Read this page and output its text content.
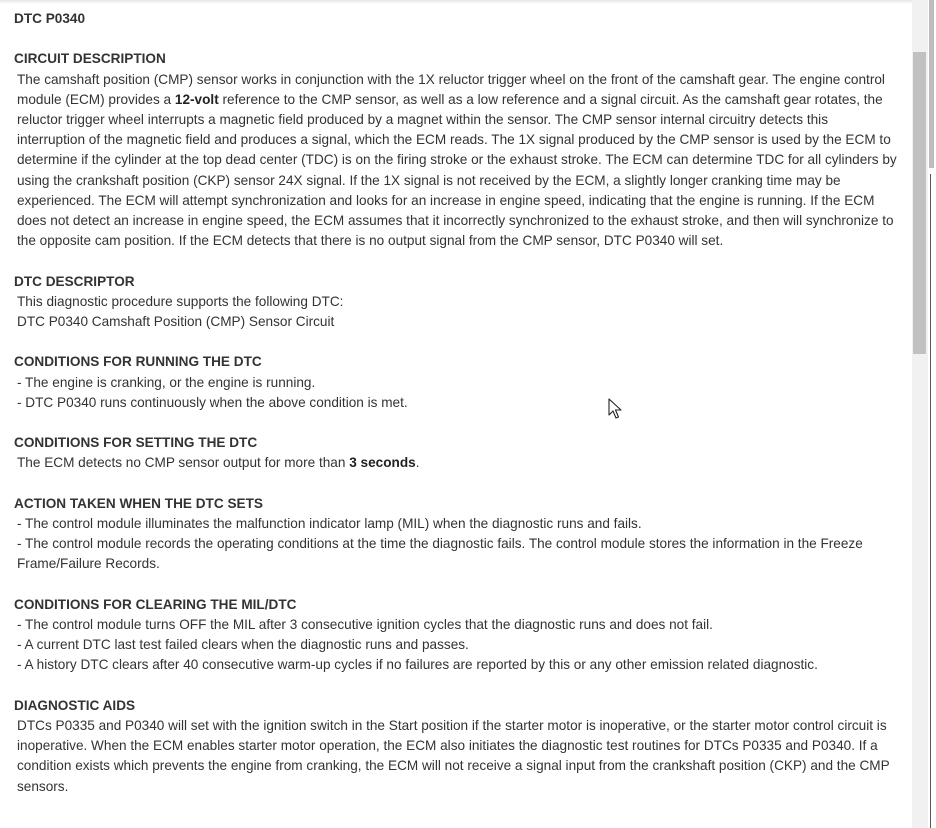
DTC P0340

CIRCUIT DESCRIPTION

The camshaft position (CMP) sensor works in conjunction with the 1X reluctor trigger wheel on the front of the camshaft gear. The engine control module (ECM) provides a 12-volt reference to the CMP sensor, as well as a low reference and a signal circuit. As the camshaft gear rotates, the reluctor trigger wheel interrupts a magnetic field produced by a magnet within the sensor. The CMP sensor internal circuitry detects this interruption of the magnetic field and produces a signal, which the ECM reads. The 1X signal produced by the CMP sensor is used by the ECM to determine if the cylinder at the top dead center (TDC) is on the firing stroke or the exhaust stroke. The ECM can determine TDC for all cylinders by using the crankshaft position (CKP) sensor 24X signal. If the 1X signal is not received by the ECM, a slightly longer cranking time may be experienced. The ECM will attempt synchronization and looks for an increase in engine speed, indicating that the engine is running. If the ECM does not detect an increase in engine speed, the ECM assumes that it incorrectly synchronized to the exhaust stroke, and then will synchronize to the opposite cam position. If the ECM detects that there is no output signal from the CMP sensor, DTC P0340 will set.

DTC DESCRIPTOR

This diagnostic procedure supports the following DTC:

DTC P0340 Camshaft Position (CMP) Sensor Circuit

CONDITIONS FOR RUNNING THE DTC

- The engine is cranking, or the engine is running.

- DTC P0340 runs continuously when the above condition is met.

CONDITIONS FOR SETTING THE DTC

The ECM detects no CMP sensor output for more than 3 seconds.

ACTION TAKEN WHEN THE DTC SETS

- The control module illuminates the malfunction indicator lamp (MIL) when the diagnostic runs and fails.

- The control module records the operating conditions at the time the diagnostic fails. The control module stores the information in the Freeze Frame/Failure Records.

CONDITIONS FOR CLEARING THE MIL/DTC

- The control module turns OFF the MIL after 3 consecutive ignition cycles that the diagnostic runs and does not fail.

- A current DTC last test failed clears when the diagnostic runs and passes.

- A history DTC clears after 40 consecutive warm-up cycles if no failures are reported by this or any other emission related diagnostic.

DIAGNOSTIC AIDS

DTCs P0335 and P0340 will set with the ignition switch in the Start position if the starter motor is inoperative, or the starter motor control circuit is inoperative. When the ECM enables starter motor operation, the ECM also initiates the diagnostic test routines for DTCs P0335 and P0340. If a condition exists which prevents the engine from cranking, the ECM will not receive a signal input from the crankshaft position (CKP) and the CMP sensors.
